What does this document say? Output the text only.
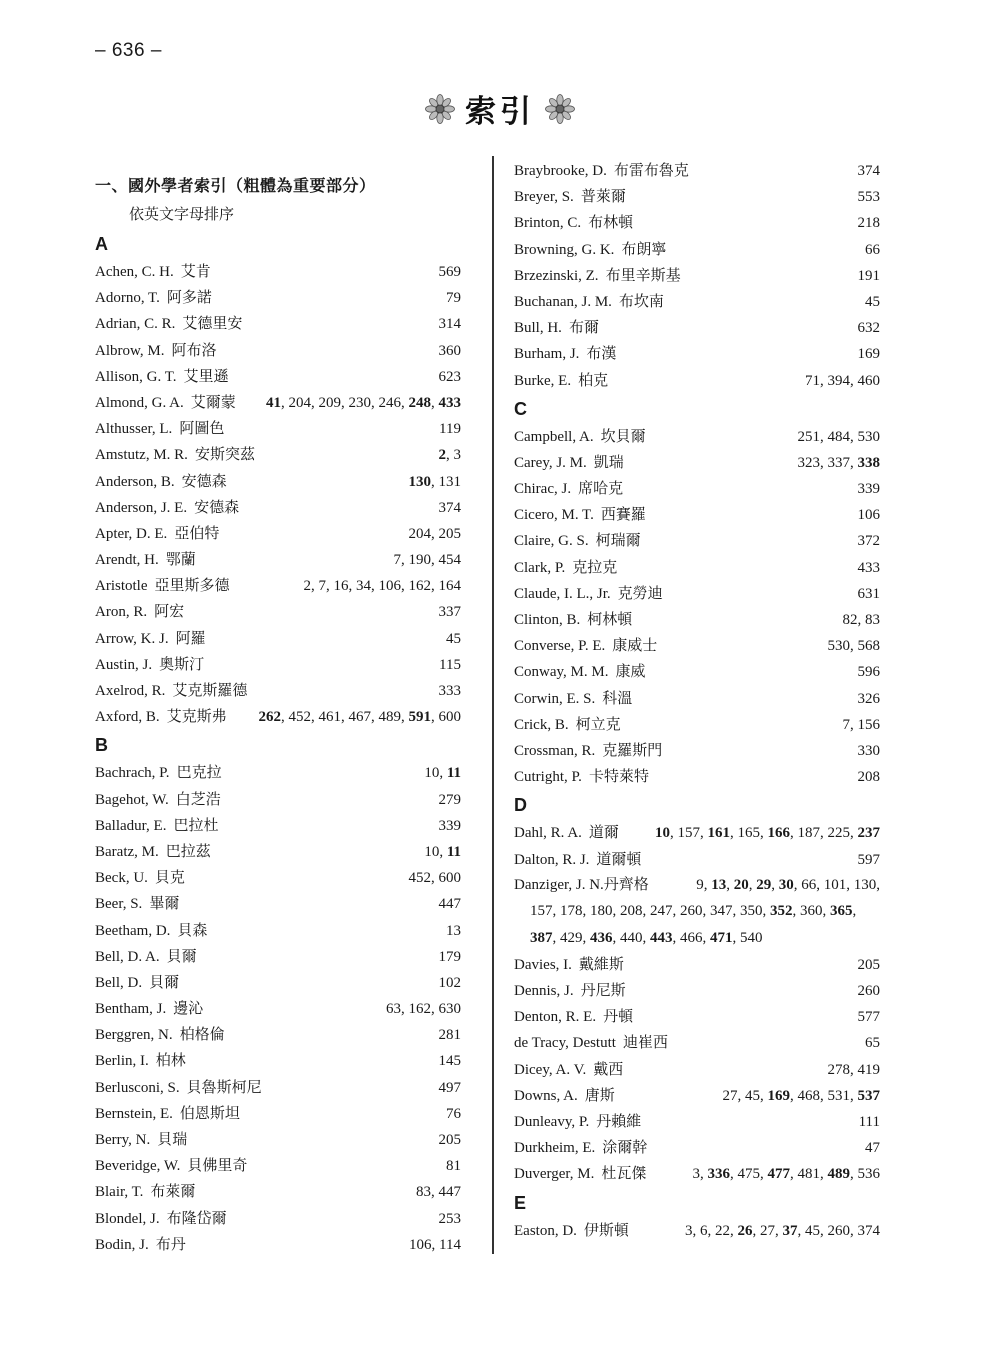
– 636 –
索引
一、國外學者索引（粗體為重要部分）
依英文字母排序
A
Achen, C. H. 艾肯	569
Adorno, T. 阿多諾	79
Adrian, C. R. 艾德里安	314
Albrow, M. 阿布洛	360
Allison, G. T. 艾里遜	623
Almond, G. A. 艾爾蒙 41, 204, 209, 230, 246, 248, 433
Althusser, L. 阿圖色	119
Amstutz, M. R. 安斯突茲	2, 3
Anderson, B. 安德森	130, 131
Anderson, J. E. 安德森	374
Apter, D. E. 亞伯特	204, 205
Arendt, H. 鄂蘭	7, 190, 454
Aristotle 亞里斯多德	2, 7, 16, 34, 106, 162, 164
Aron, R. 阿宏	337
Arrow, K. J. 阿羅	45
Austin, J. 奧斯汀	115
Axelrod, R. 艾克斯羅德	333
Axford, B. 艾克斯弗 262, 452, 461, 467, 489, 591, 600
B
Bachrach, P. 巴克拉	10, 11
Bagehot, W. 白芝浩	279
Balladur, E. 巴拉杜	339
Baratz, M. 巴拉茲	10, 11
Beck, U. 貝克	452, 600
Beer, S. 畢爾	447
Beetham, D. 貝森	13
Bell, D. A. 貝爾	179
Bell, D. 貝爾	102
Bentham, J. 邊沁	63, 162, 630
Berggren, N. 柏格倫	281
Berlin, I. 柏林	145
Berlusconi, S. 貝魯斯柯尼	497
Bernstein, E. 伯恩斯坦	76
Berry, N. 貝瑞	205
Beveridge, W. 貝佛里奇	81
Blair, T. 布萊爾	83, 447
Blondel, J. 布隆岱爾	253
Bodin, J. 布丹	106, 114
Braybrooke, D. 布雷布魯克	374
Breyer, S. 普萊爾	553
Brinton, C. 布林頓	218
Browning, G. K. 布朗寧	66
Brzezinski, Z. 布里辛斯基	191
Buchanan, J. M. 布坎南	45
Bull, H. 布爾	632
Burham, J. 布漢	169
Burke, E. 柏克	71, 394, 460
C
Campbell, A. 坎貝爾	251, 484, 530
Carey, J. M. 凱瑞	323, 337, 338
Chirac, J. 席哈克	339
Cicero, M. T. 西賽羅	106
Claire, G. S. 柯瑞爾	372
Clark, P. 克拉克	433
Claude, I. L., Jr. 克勞迪	631
Clinton, B. 柯林頓	82, 83
Converse, P. E. 康威士	530, 568
Conway, M. M. 康威	596
Corwin, E. S. 科溫	326
Crick, B. 柯立克	7, 156
Crossman, R. 克羅斯門	330
Cutright, P. 卡特萊特	208
D
Dahl, R. A. 道爾 10, 157, 161, 165, 166, 187, 225, 237
Dalton, R. J. 道爾頓	597
Danziger, J. N.丹齊格	9, 13, 20, 29, 30, 66, 101, 130,
157, 178, 180, 208, 247, 260, 347, 350, 352, 360, 365,
387, 429, 436, 440, 443, 466, 471, 540
Davies, I. 戴維斯	205
Dennis, J. 丹尼斯	260
Denton, R. E. 丹頓	577
de Tracy, Destutt 迪崔西	65
Dicey, A. V. 戴西	278, 419
Downs, A. 唐斯	27, 45, 169, 468, 531, 537
Dunleavy, P. 丹賴維	111
Durkheim, E. 涂爾幹	47
Duverger, M. 杜瓦傑	3, 336, 475, 477, 481, 489, 536
E
Easton, D. 伊斯頓	3, 6, 22, 26, 27, 37, 45, 260, 374
